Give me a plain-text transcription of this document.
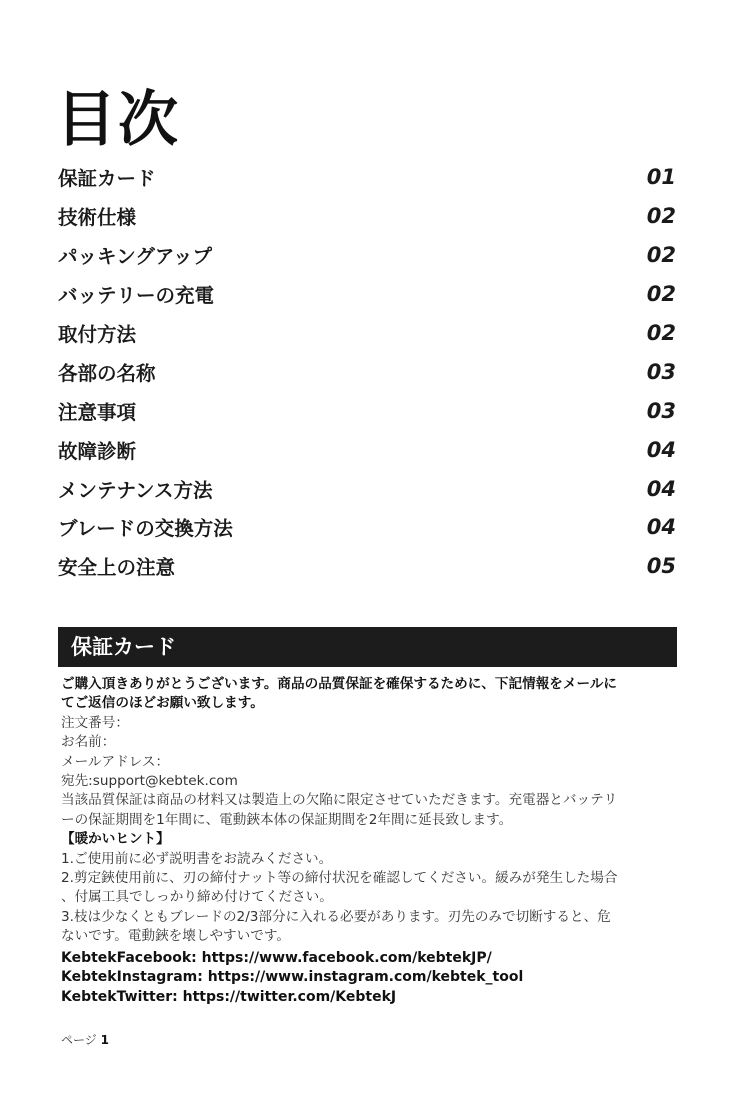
目次
保証カード	01
技術仕様	02
パッキングアップ	02
バッテリーの充電	02
取付方法	02
各部の名称	03
注意事項	03
故障診断	04
メンテナンス方法	04
ブレードの交換方法	04
安全上の注意	05
保証カード

ご購入頂きありがとうございます。商品の品質保証を確保するために、下記情報をメールに

てご返信のほどお願い致します。

注文番号：

お名前：

メールアドレス：

宛先:support@kebtek.com

当該品質保証は商品の材料又は製造上の欠陥に限定させていただきます。充電器とバッテリ

ーの保証期間を1年間に、電動鋏本体の保証期間を2年間に延長致します。

【暖かいヒント】

1.ご使用前に必ず説明書をお読みください。

2.剪定鋏使用前に、刃の締付ナット等の締付状況を確認してください。緩みが発生した場合

、付属工具でしっかり締め付けてください。

3.枝は少なくともブレードの2/3部分に入れる必要があります。刃先のみで切断すると、危

ないです。電動鋏を壊しやすいです。

KebtekFacebook: https://www.facebook.com/kebtekJP/

KebtekInstagram: https://www.instagram.com/kebtek_tool

KebtekTwitter: https://twitter.com/KebtekJ

ページ 1
